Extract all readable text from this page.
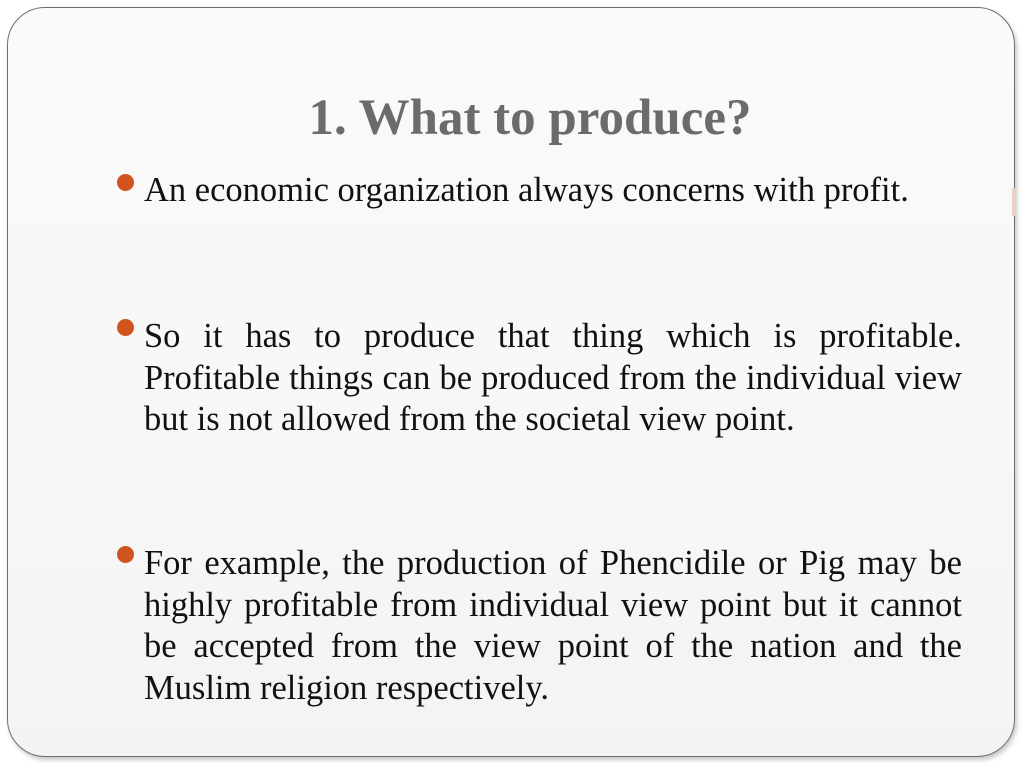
1. What to produce?

An economic organization always concerns with profit.

So it has to produce that thing which is profitable. Profitable things can be produced from the individual view but is not allowed from the societal view point.

For example, the production of Phencidile or Pig may be highly profitable from individual view point but it cannot be accepted from the view point of the nation and the Muslim religion respectively.
